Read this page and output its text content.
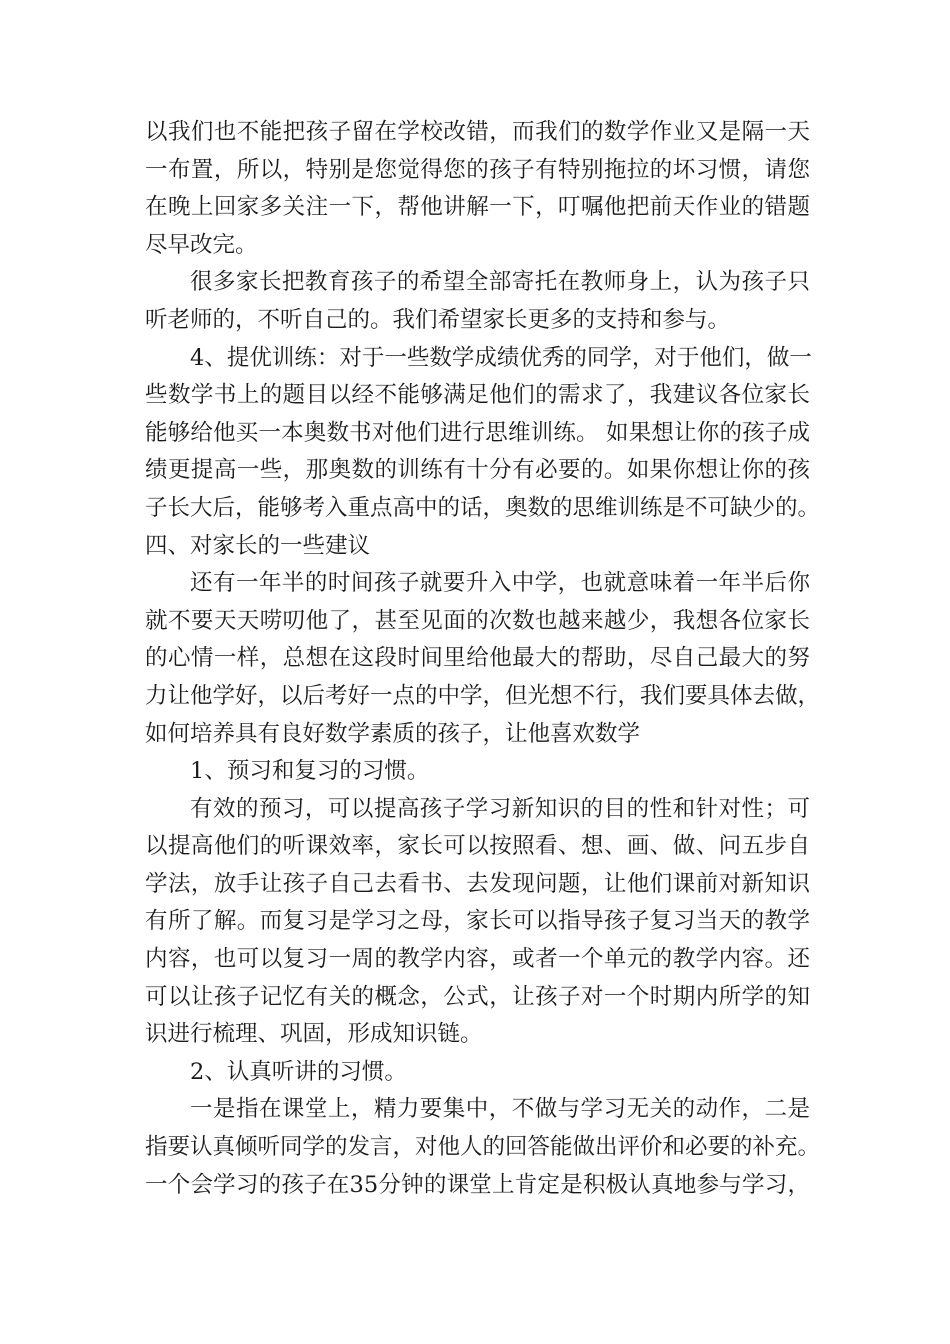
以我们也不能把孩子留在学校改错，而我们的数学作业又是隔一天
一布置，所以，特别是您觉得您的孩子有特别拖拉的坏习惯，请您
在晚上回家多关注一下，帮他讲解一下，叮嘱他把前天作业的错题
尽早改完。
很多家长把教育孩子的希望全部寄托在教师身上，认为孩子只
听老师的，不听自己的。我们希望家长更多的支持和参与。
4、提优训练：对于一些数学成绩优秀的同学，对于他们，做一
些数学书上的题目以经不能够满足他们的需求了，我建议各位家长
能够给他买一本奥数书对他们进行思维训练。 如果想让你的孩子成
绩更提高一些，那奥数的训练有十分有必要的。如果你想让你的孩
子长大后，能够考入重点高中的话，奥数的思维训练是不可缺少的。
四、对家长的一些建议
还有一年半的时间孩子就要升入中学，也就意味着一年半后你
就不要天天唠叨他了，甚至见面的次数也越来越少，我想各位家长
的心情一样，总想在这段时间里给他最大的帮助，尽自己最大的努
力让他学好，以后考好一点的中学，但光想不行，我们要具体去做，
如何培养具有良好数学素质的孩子，让他喜欢数学
1、预习和复习的习惯。
有效的预习，可以提高孩子学习新知识的目的性和针对性；可
以提高他们的听课效率，家长可以按照看、想、画、做、问五步自
学法，放手让孩子自己去看书、去发现问题，让他们课前对新知识
有所了解。而复习是学习之母，家长可以指导孩子复习当天的教学
内容，也可以复习一周的教学内容，或者一个单元的教学内容。还
可以让孩子记忆有关的概念，公式，让孩子对一个时期内所学的知
识进行梳理、巩固，形成知识链。
2、认真听讲的习惯。
一是指在课堂上，精力要集中，不做与学习无关的动作，二是
指要认真倾听同学的发言，对他人的回答能做出评价和必要的补充。
一个会学习的孩子在35分钟的课堂上肯定是积极认真地参与学习，
